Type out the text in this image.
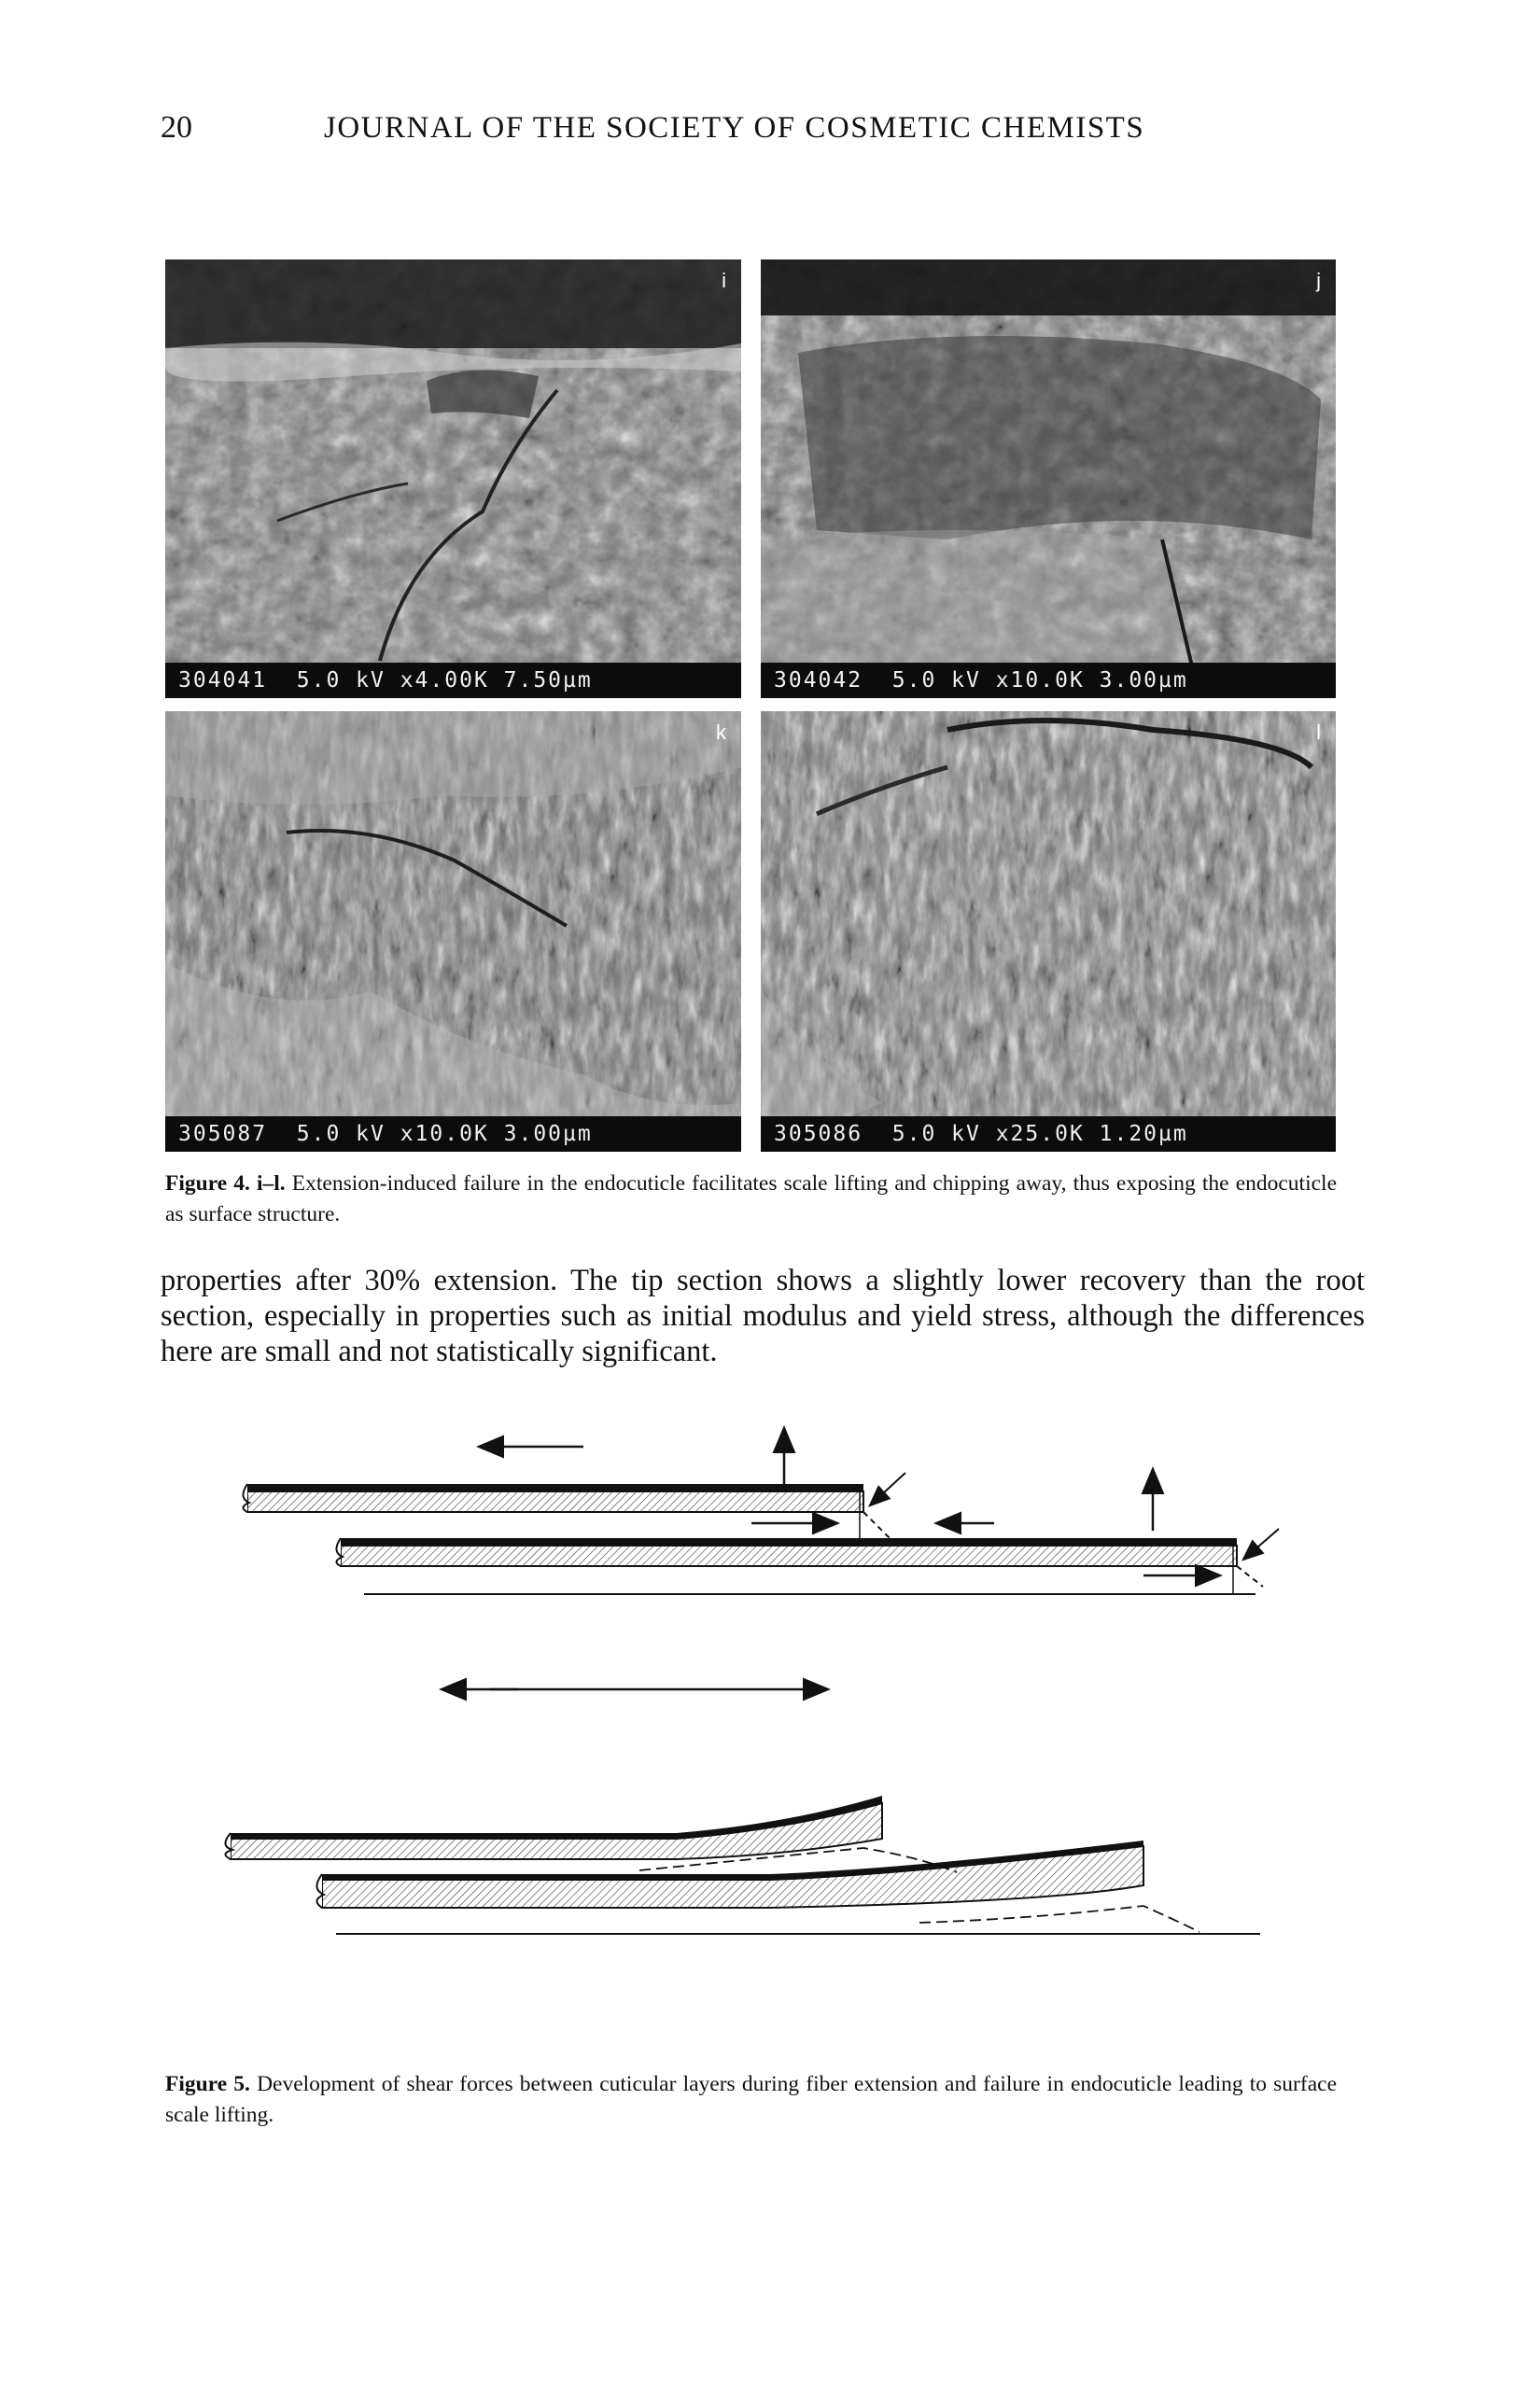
20	JOURNAL OF THE SOCIETY OF COSMETIC CHEMISTS
i
304041  5.0 kV x4.00K 7.50µm
j
304042  5.0 kV x10.0K 3.00µm
k
305087  5.0 kV x10.0K 3.00µm
l
305086  5.0 kV x25.0K 1.20µm
Figure 4. i–l. Extension-induced failure in the endocuticle facilitates scale lifting and chipping away, thus exposing the endocuticle as surface structure.
properties after 30% extension. The tip section shows a slightly lower recovery than the root section, especially in properties such as initial modulus and yield stress, although the differences here are small and not statistically significant.
Figure 5. Development of shear forces between cuticular layers during fiber extension and failure in endocuticle leading to surface scale lifting.
